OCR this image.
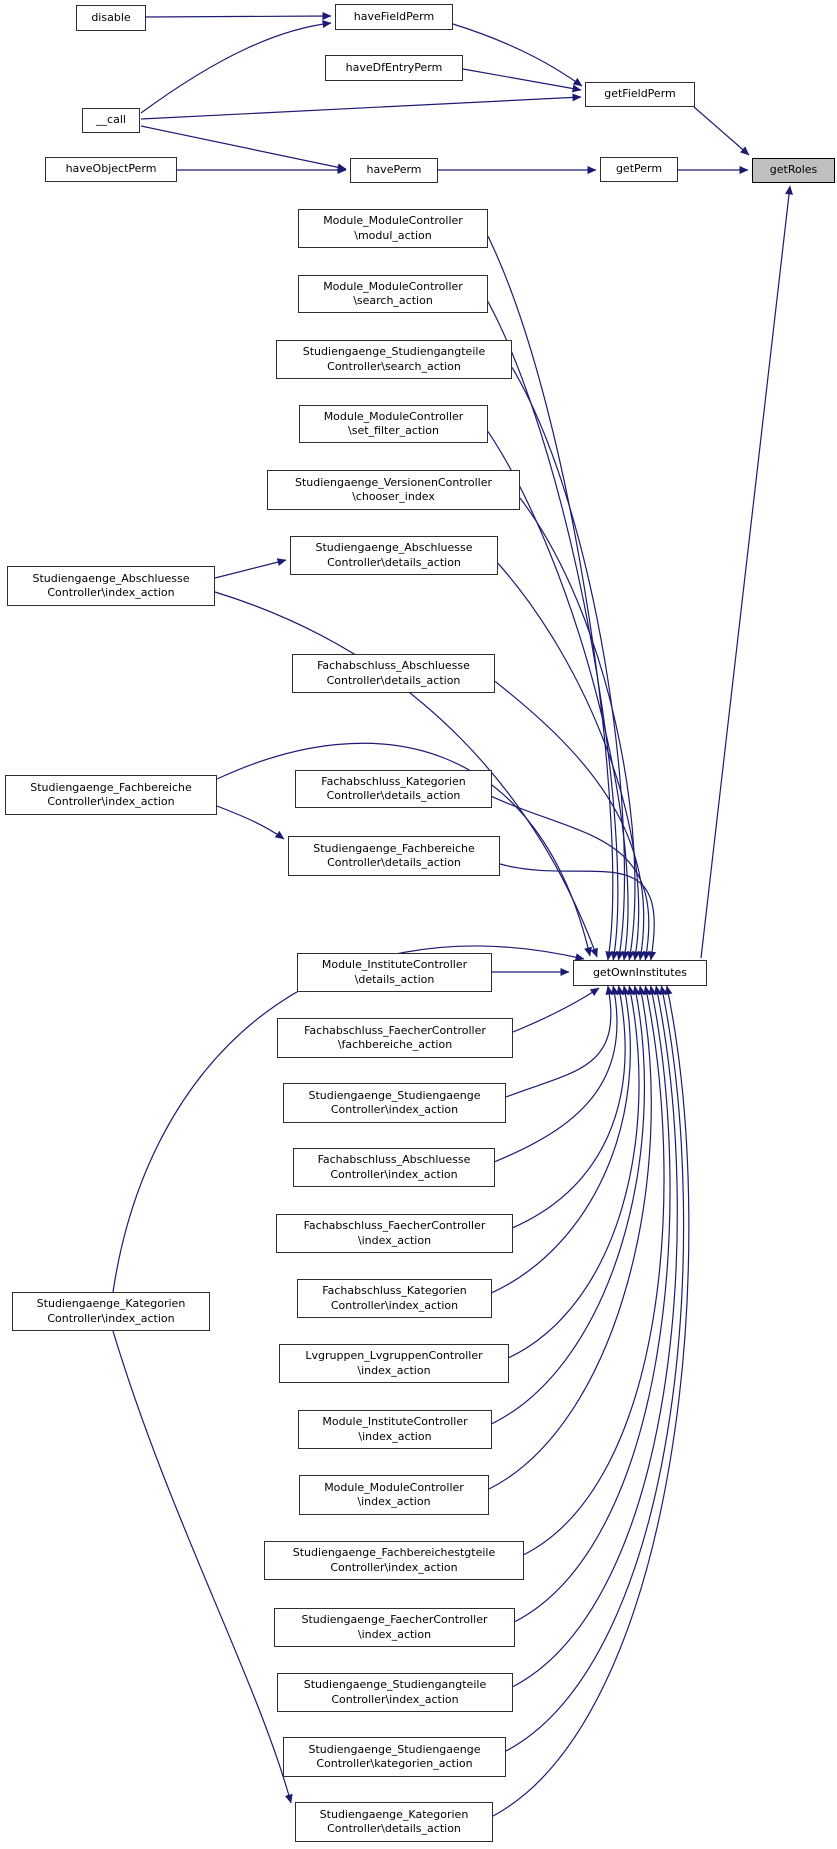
disable	haveFieldPerm
haveDfEntryPerm
__call
getFieldPerm
haveObjectPerm	havePerm	getPerm	getRoles
Module_ModuleController
\modul_action
Module_ModuleController
\search_action
Studiengaenge_Studiengangteile
Controller\search_action
Module_ModuleController
\set_filter_action
Studiengaenge_VersionenController
\chooser_index
Studiengaenge_Abschluesse
Controller\details_action
Fachabschluss_Abschluesse
Controller\details_action
Fachabschluss_Kategorien
Controller\details_action
Studiengaenge_Fachbereiche
Controller\details_action
Module_InstituteController
\details_action
Fachabschluss_FaecherController
\fachbereiche_action
Studiengaenge_Studiengaenge
Controller\index_action
Fachabschluss_Abschluesse
Controller\index_action
Fachabschluss_FaecherController
\index_action
Fachabschluss_Kategorien
Controller\index_action
Lvgruppen_LvgruppenController
\index_action
Module_InstituteController
\index_action
Module_ModuleController
\index_action
Studiengaenge_Fachbereichestgteile
Controller\index_action
Studiengaenge_FaecherController
\index_action
Studiengaenge_Studiengangteile
Controller\index_action
Studiengaenge_Studiengaenge
Controller\kategorien_action
Studiengaenge_Kategorien
Controller\details_action
Studiengaenge_Abschluesse
Controller\index_action
Studiengaenge_Fachbereiche
Controller\index_action
Studiengaenge_Kategorien
Controller\index_action
getOwnInstitutes
